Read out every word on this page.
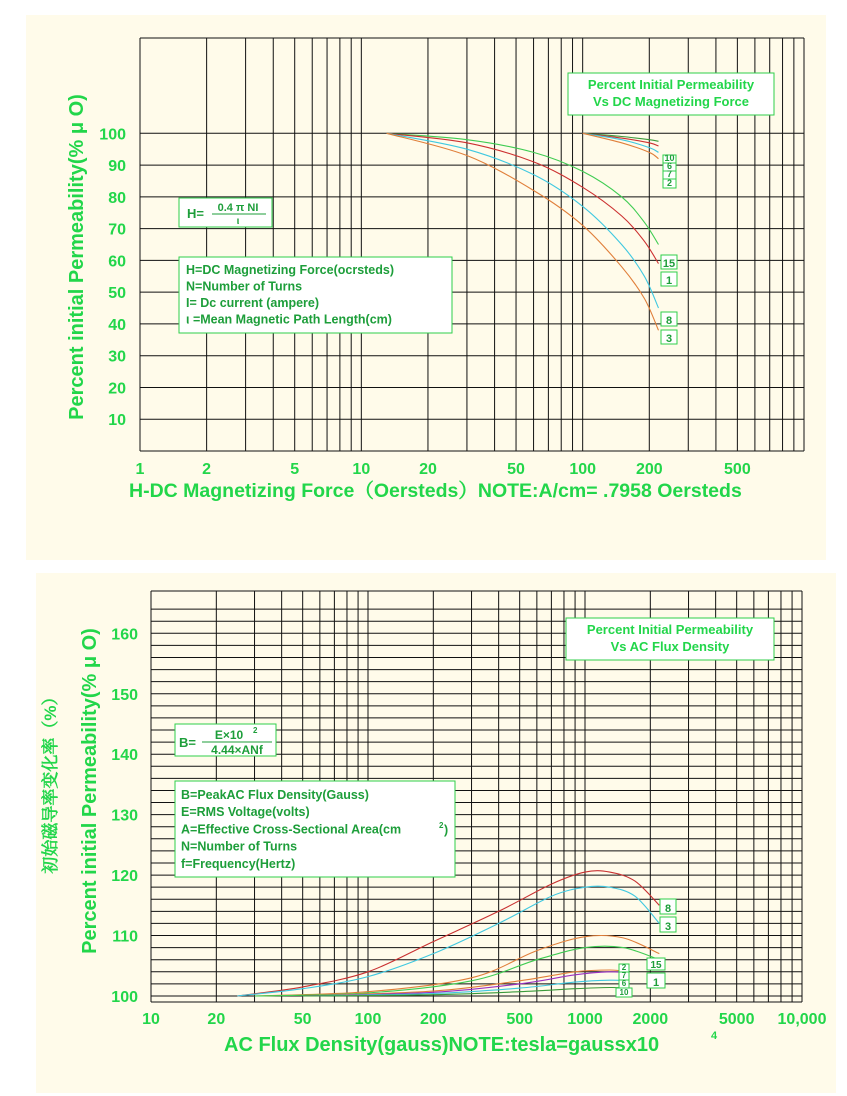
1	2	5	10	20	50	100 200	500
100
90
80
70
60
50
40
30
20
10
10
6
7
2
15
1
8
3
Percent Initial Permeability
Vs DC Magnetizing Force
H= 0.4 π NI
ι
H=DC Magnetizing Force(ocrsteds)
N=Number of Turns
I= Dc current (ampere)
ι =Mean Magnetic Path Length(cm)
Percent initial Permeability(% μ O)
H-DC Magnetizing Force（Oersteds）NOTE:A/cm= .7958 Oersteds
10	20	50	100 200	500 1000 2000	5000 10,000
160
150
140
130
120
110
100
8
3
15
2
7
1
6
10
Percent Initial Permeability
Vs AC Flux Density
B= E×10 2
4.44×ANf
B=PeakAC Flux Density(Gauss)
E=RMS Voltage(volts)
A=Effective Cross-Sectional Area(cm
N=Number of Turns
f=Frequency(Hertz)
2 )
Percent initial Permeability(% μ O)
初始磁导率变化率（%）
AC Flux Density(gauss)NOTE:tesla=gaussx10	4
